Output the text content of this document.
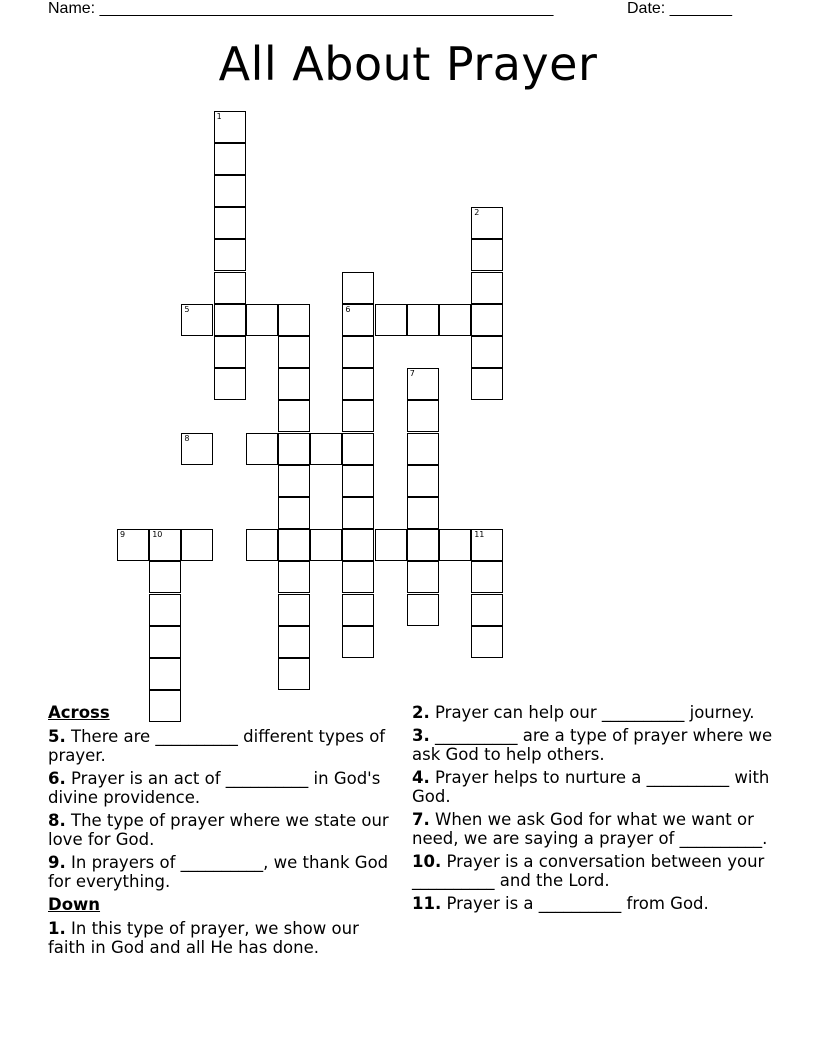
Name: ___________________________________________________	Date: _______
All About Prayer
1
2
6
7
5
8
9	10	11
Across
5. There are __________ different types of prayer.
6. Prayer is an act of __________ in God's divine providence.
8. The type of prayer where we state our love for God.
9. In prayers of __________, we thank God for everything.
Down
1. In this type of prayer, we show our faith in God and all He has done.
2. Prayer can help our __________ journey.
3. __________ are a type of prayer where we ask God to help others.
4. Prayer helps to nurture a __________ with God.
7. When we ask God for what we want or need, we are saying a prayer of __________.
10. Prayer is a conversation between your __________ and the Lord.
11. Prayer is a __________ from God.
